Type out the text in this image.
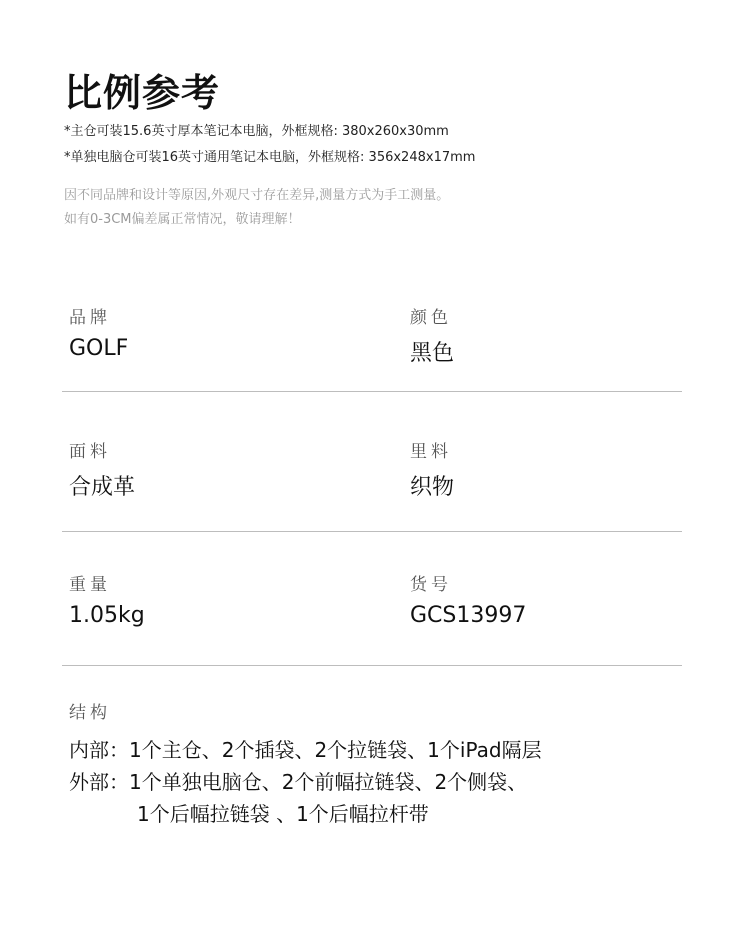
比例参考
*主仓可装15.6英寸厚本笔记本电脑，外框规格: 380x260x30mm
*单独电脑仓可装16英寸通用笔记本电脑，外框规格: 356x248x17mm
因不同品牌和设计等原因,外观尺寸存在差异,测量方式为手工测量。
如有0-3CM偏差属正常情况，敬请理解！
品牌
GOLF
颜色
黑色
面料
合成革
里料
织物
重量
1.05kg
货号
GCS13997
结构
内部：1个主仓、2个插袋、2个拉链袋、1个iPad隔层
外部：1个单独电脑仓、2个前幅拉链袋、2个侧袋、
1个后幅拉链袋 、1个后幅拉杆带
